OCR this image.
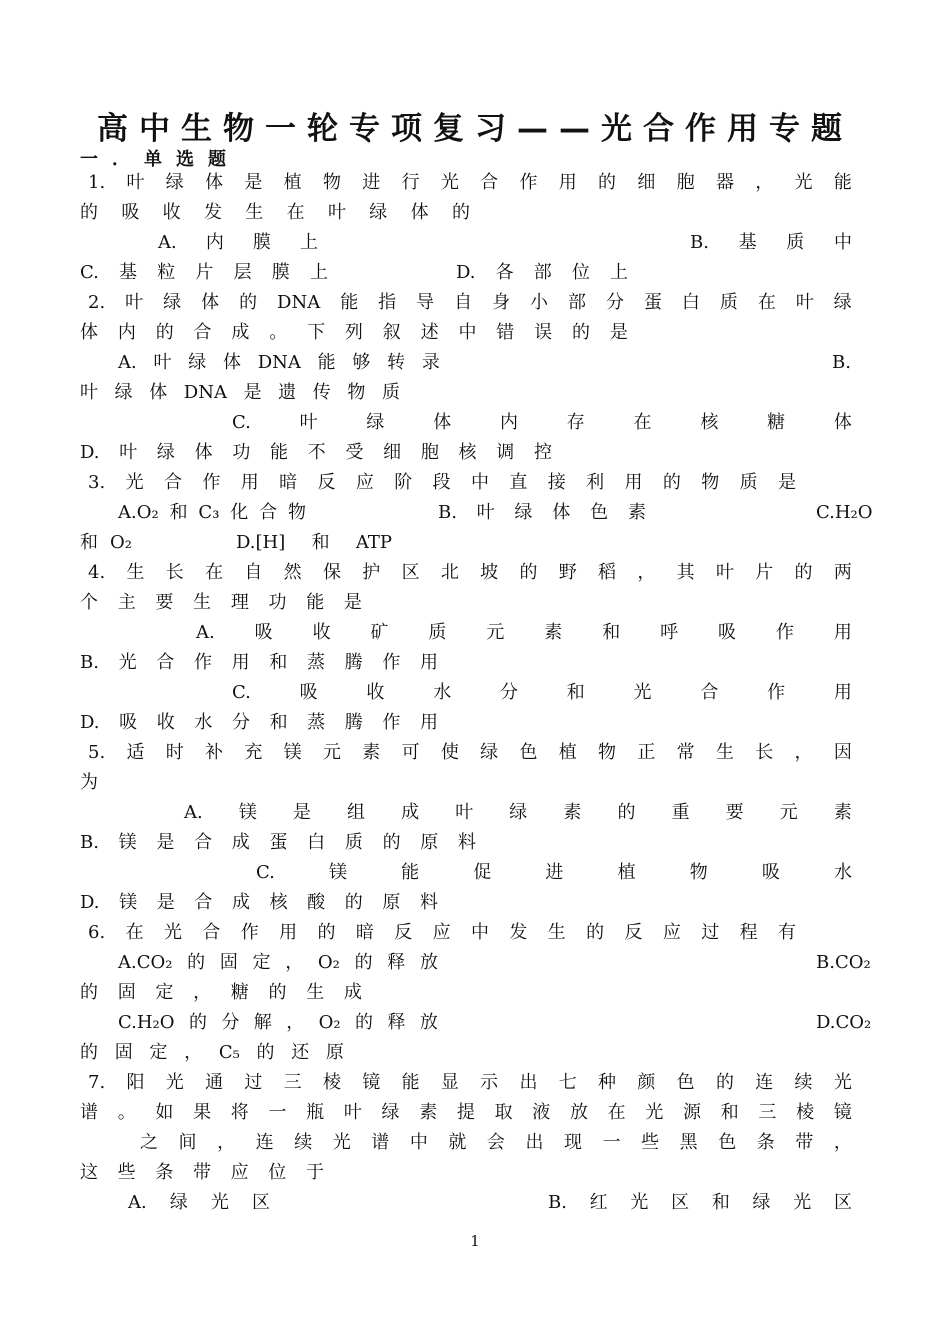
高中生物一轮专项复习——光合作用专题
一．单选题
1. 叶 绿 体 是 植 物 进 行 光 合 作 用 的 细 胞 器 ， 光 能
的 吸 收 发 生 在 叶 绿 体 的
A. 内 膜 上	B. 基 质 中
C. 基 粒 片 层 膜 上	D. 各 部 位 上
2. 叶 绿 体 的 DNA 能 指 导 自 身 小 部 分 蛋 白 质 在 叶 绿
体 内 的 合 成 。 下 列 叙 述 中 错 误 的 是
A. 叶 绿 体 DNA 能 够 转 录	B.
叶 绿 体 DNA 是 遗 传 物 质
C.	叶	绿	体	内	存	在	核	糖	体
D. 叶 绿 体 功 能 不 受 细 胞 核 调 控
3. 光 合 作 用 暗 反 应 阶 段 中 直 接 利 用 的 物 质 是
A.O₂ 和 C₃ 化 合 物	B. 叶 绿 体 色 素	C.H₂O
和 O₂	D.[H] 和 ATP
4. 生 长 在 自 然 保 护 区 北 坡 的 野 稻 ， 其 叶 片 的 两
个 主 要 生 理 功 能 是
A. 吸 收 矿 质 元 素 和 呼 吸 作 用
B. 光 合 作 用 和 蒸 腾 作 用
C.	吸	收	水	分	和	光	合	作	用
D. 吸 收 水 分 和 蒸 腾 作 用
5. 适 时 补 充 镁 元 素 可 使 绿 色 植 物 正 常 生 长 ， 因
为
A. 镁 是 组 成 叶 绿 素 的 重 要 元 素
B. 镁 是 合 成 蛋 白 质 的 原 料
C.	镁	能	促	进	植	物	吸	水
D. 镁 是 合 成 核 酸 的 原 料
6. 在 光 合 作 用 的 暗 反 应 中 发 生 的 反 应 过 程 有
A.CO₂ 的 固 定 ， O₂ 的 释 放	B.CO₂
的 固 定 ， 糖 的 生 成
C.H₂O 的 分 解 ， O₂ 的 释 放	D.CO₂
的 固 定 ， C₅ 的 还 原
7. 阳 光 通 过 三 棱 镜 能 显 示 出 七 种 颜 色 的 连 续 光
谱 。 如 果 将 一 瓶 叶 绿 素 提 取 液 放 在 光 源 和 三 棱 镜
之 间 ， 连 续 光 谱 中 就 会 出 现 一 些 黑 色 条 带 ，
这 些 条 带 应 位 于
A. 绿 光 区	B. 红 光 区 和 绿 光 区
1
